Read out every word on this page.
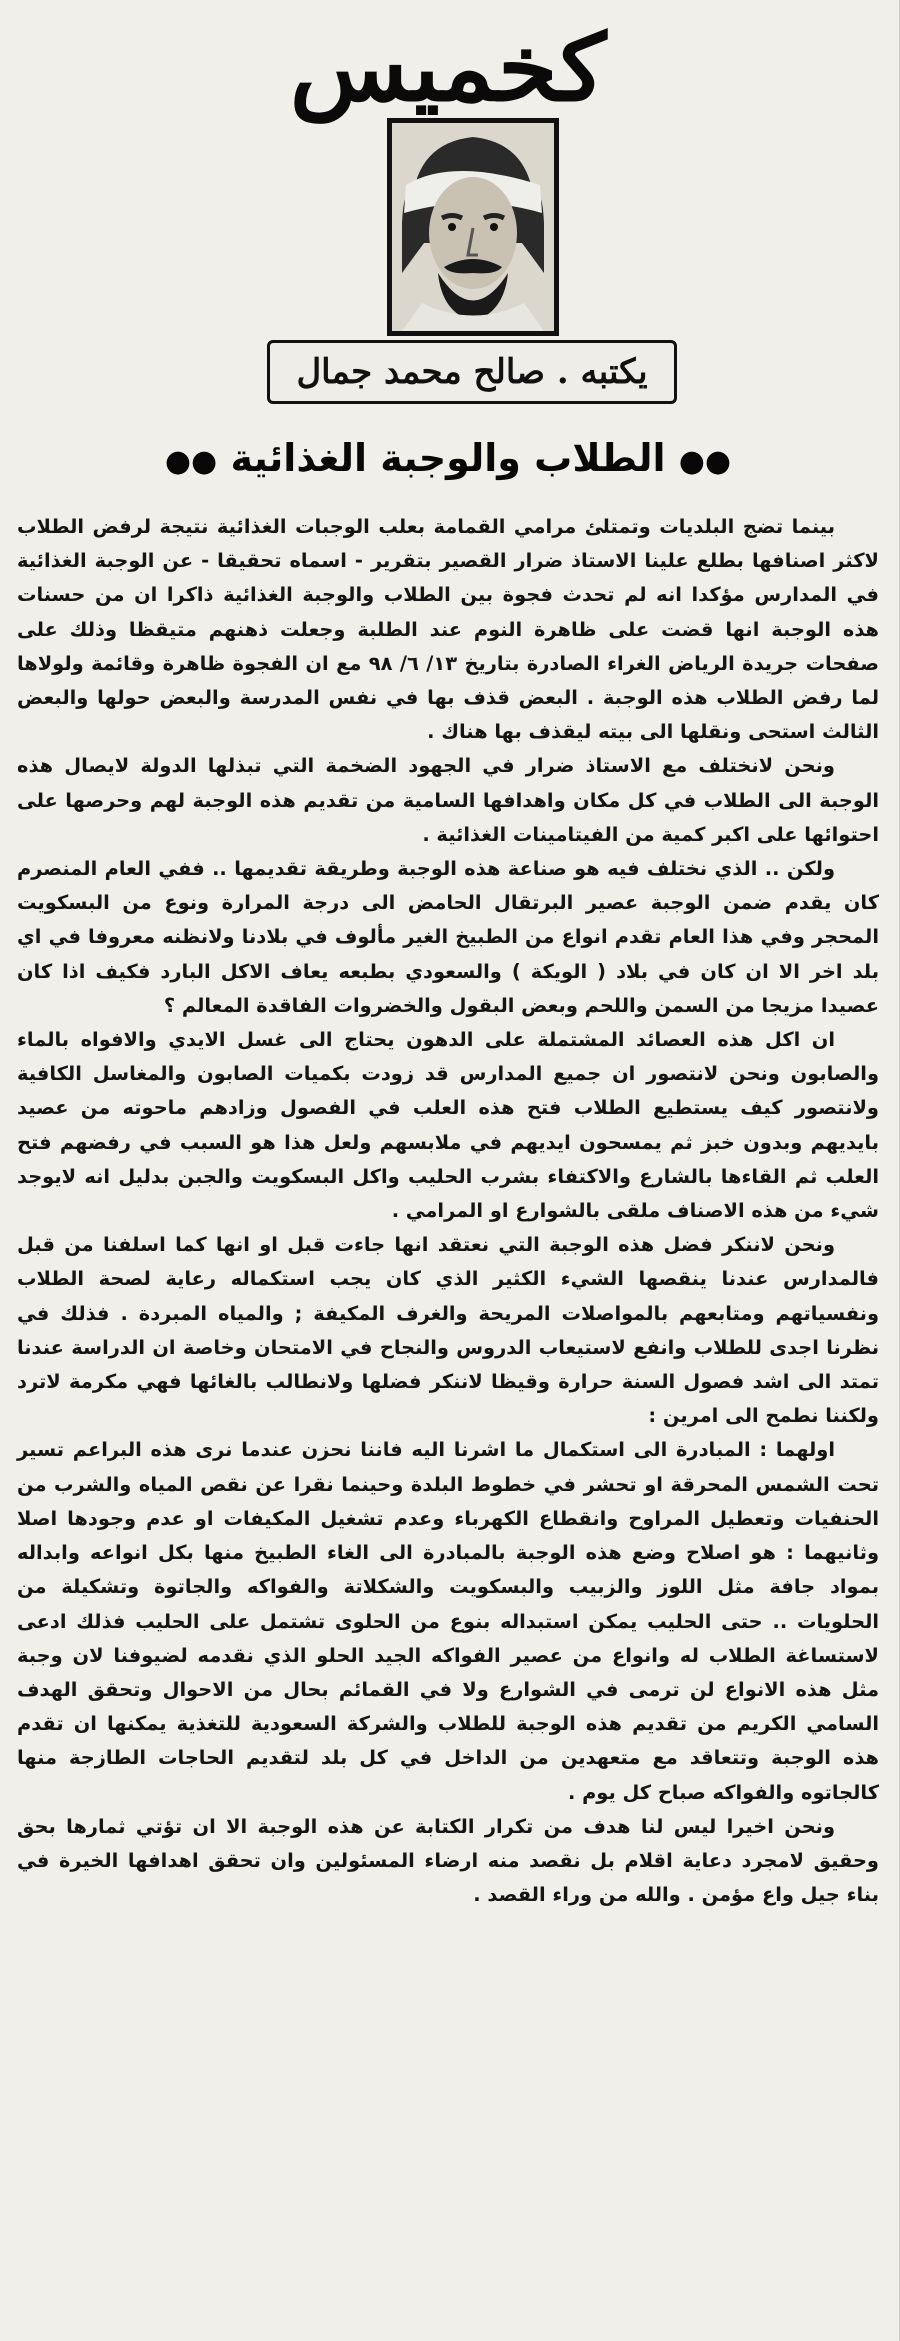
كخميس
يكتبه . صالح محمد جمال
●● الطلاب والوجبة الغذائية ●●

بينما تضج البلديات وتمتلئ مرامي القمامة بعلب الوجبات الغذائية نتيجة لرفض الطلاب لاكثر اصنافها بطلع علينا الاستاذ ضرار القصير بتقرير - اسماه تحقيقا - عن الوجبة الغذائية في المدارس مؤكدا انه لم تحدث فجوة بين الطلاب والوجبة الغذائية ذاكرا ان من حسنات هذه الوجبة انها قضت على ظاهرة النوم عند الطلبة وجعلت ذهنهم متيقظا وذلك على صفحات جريدة الرياض الغراء الصادرة بتاريخ ١٣/ ٦/ ٩٨ مع ان الفجوة ظاهرة وقائمة ولولاها لما رفض الطلاب هذه الوجبة . البعض قذف بها في نفس المدرسة والبعض حولها والبعض الثالث استحى ونقلها الى بيته ليقذف بها هناك .

ونحن لانختلف مع الاستاذ ضرار في الجهود الضخمة التي تبذلها الدولة لايصال هذه الوجبة الى الطلاب في كل مكان واهدافها السامية من تقديم هذه الوجبة لهم وحرصها على احتوائها على اكبر كمية من الفيتامينات الغذائية .

ولكن .. الذي نختلف فيه هو صناعة هذه الوجبة وطريقة تقديمها .. ففي العام المنصرم كان يقدم ضمن الوجبة عصير البرتقال الحامض الى درجة المرارة ونوع من البسكويت المحجر وفي هذا العام تقدم انواع من الطبيخ الغير مألوف في بلادنا ولانظنه معروفا في اي بلد اخر الا ان كان في بلاد ( الويكة ) والسعودي بطبعه يعاف الاكل البارد فكيف اذا كان عصيدا مزيجا من السمن واللحم وبعض البقول والخضروات الفاقدة المعالم ؟

ان اكل هذه العصائد المشتملة على الدهون يحتاج الى غسل الايدي والافواه بالماء والصابون ونحن لانتصور ان جميع المدارس قد زودت بكميات الصابون والمغاسل الكافية ولانتصور كيف يستطيع الطلاب فتح هذه العلب في الفصول وزادهم ماحوته من عصيد بايديهم وبدون خبز ثم يمسحون ايديهم في ملابسهم ولعل هذا هو السبب في رفضهم فتح العلب ثم القاءها بالشارع والاكتفاء بشرب الحليب واكل البسكويت والجبن بدليل انه لايوجد شيء من هذه الاصناف ملقى بالشوارع او المرامي .

ونحن لاننكر فضل هذه الوجبة التي نعتقد انها جاءت قبل او انها كما اسلفنا من قبل فالمدارس عندنا ينقصها الشيء الكثير الذي كان يجب استكماله رعاية لصحة الطلاب ونفسياتهم ومتابعهم بالمواصلات المريحة والغرف المكيفة ; والمياه المبردة . فذلك في نظرنا اجدى للطلاب وانفع لاستيعاب الدروس والنجاح في الامتحان وخاصة ان الدراسة عندنا تمتد الى اشد فصول السنة حرارة وقيظا لاننكر فضلها ولانطالب بالغائها فهي مكرمة لاترد ولكننا نطمح الى امرين :

اولهما : المبادرة الى استكمال ما اشرنا اليه فاننا نحزن عندما نرى هذه البراعم تسير تحت الشمس المحرقة او تحشر في خطوط البلدة وحينما نقرا عن نقص المياه والشرب من الحنفيات وتعطيل المراوح وانقطاع الكهرباء وعدم تشغيل المكيفات او عدم وجودها اصلا وثانيهما : هو اصلاح وضع هذه الوجبة بالمبادرة الى الغاء الطبيخ منها بكل انواعه وابداله بمواد جافة مثل اللوز والزبيب والبسكويت والشكلاتة والفواكه والجاتوة وتشكيلة من الحلويات .. حتى الحليب يمكن استبداله بنوع من الحلوى تشتمل على الحليب فذلك ادعى لاستساغة الطلاب له وانواع من عصير الفواكه الجيد الحلو الذي نقدمه لضيوفنا لان وجبة مثل هذه الانواع لن ترمى في الشوارع ولا في القمائم بحال من الاحوال وتحقق الهدف السامي الكريم من تقديم هذه الوجبة للطلاب والشركة السعودية للتغذية يمكنها ان تقدم هذه الوجبة وتتعاقد مع متعهدين من الداخل في كل بلد لتقديم الحاجات الطازجة منها كالجاتوه والفواكه صباح كل يوم .

ونحن اخيرا ليس لنا هدف من تكرار الكتابة عن هذه الوجبة الا ان تؤتي ثمارها بحق وحقيق لامجرد دعاية اقلام بل نقصد منه ارضاء المسئولين وان تحقق اهدافها الخيرة في بناء جيل واع مؤمن . والله من وراء القصد .
